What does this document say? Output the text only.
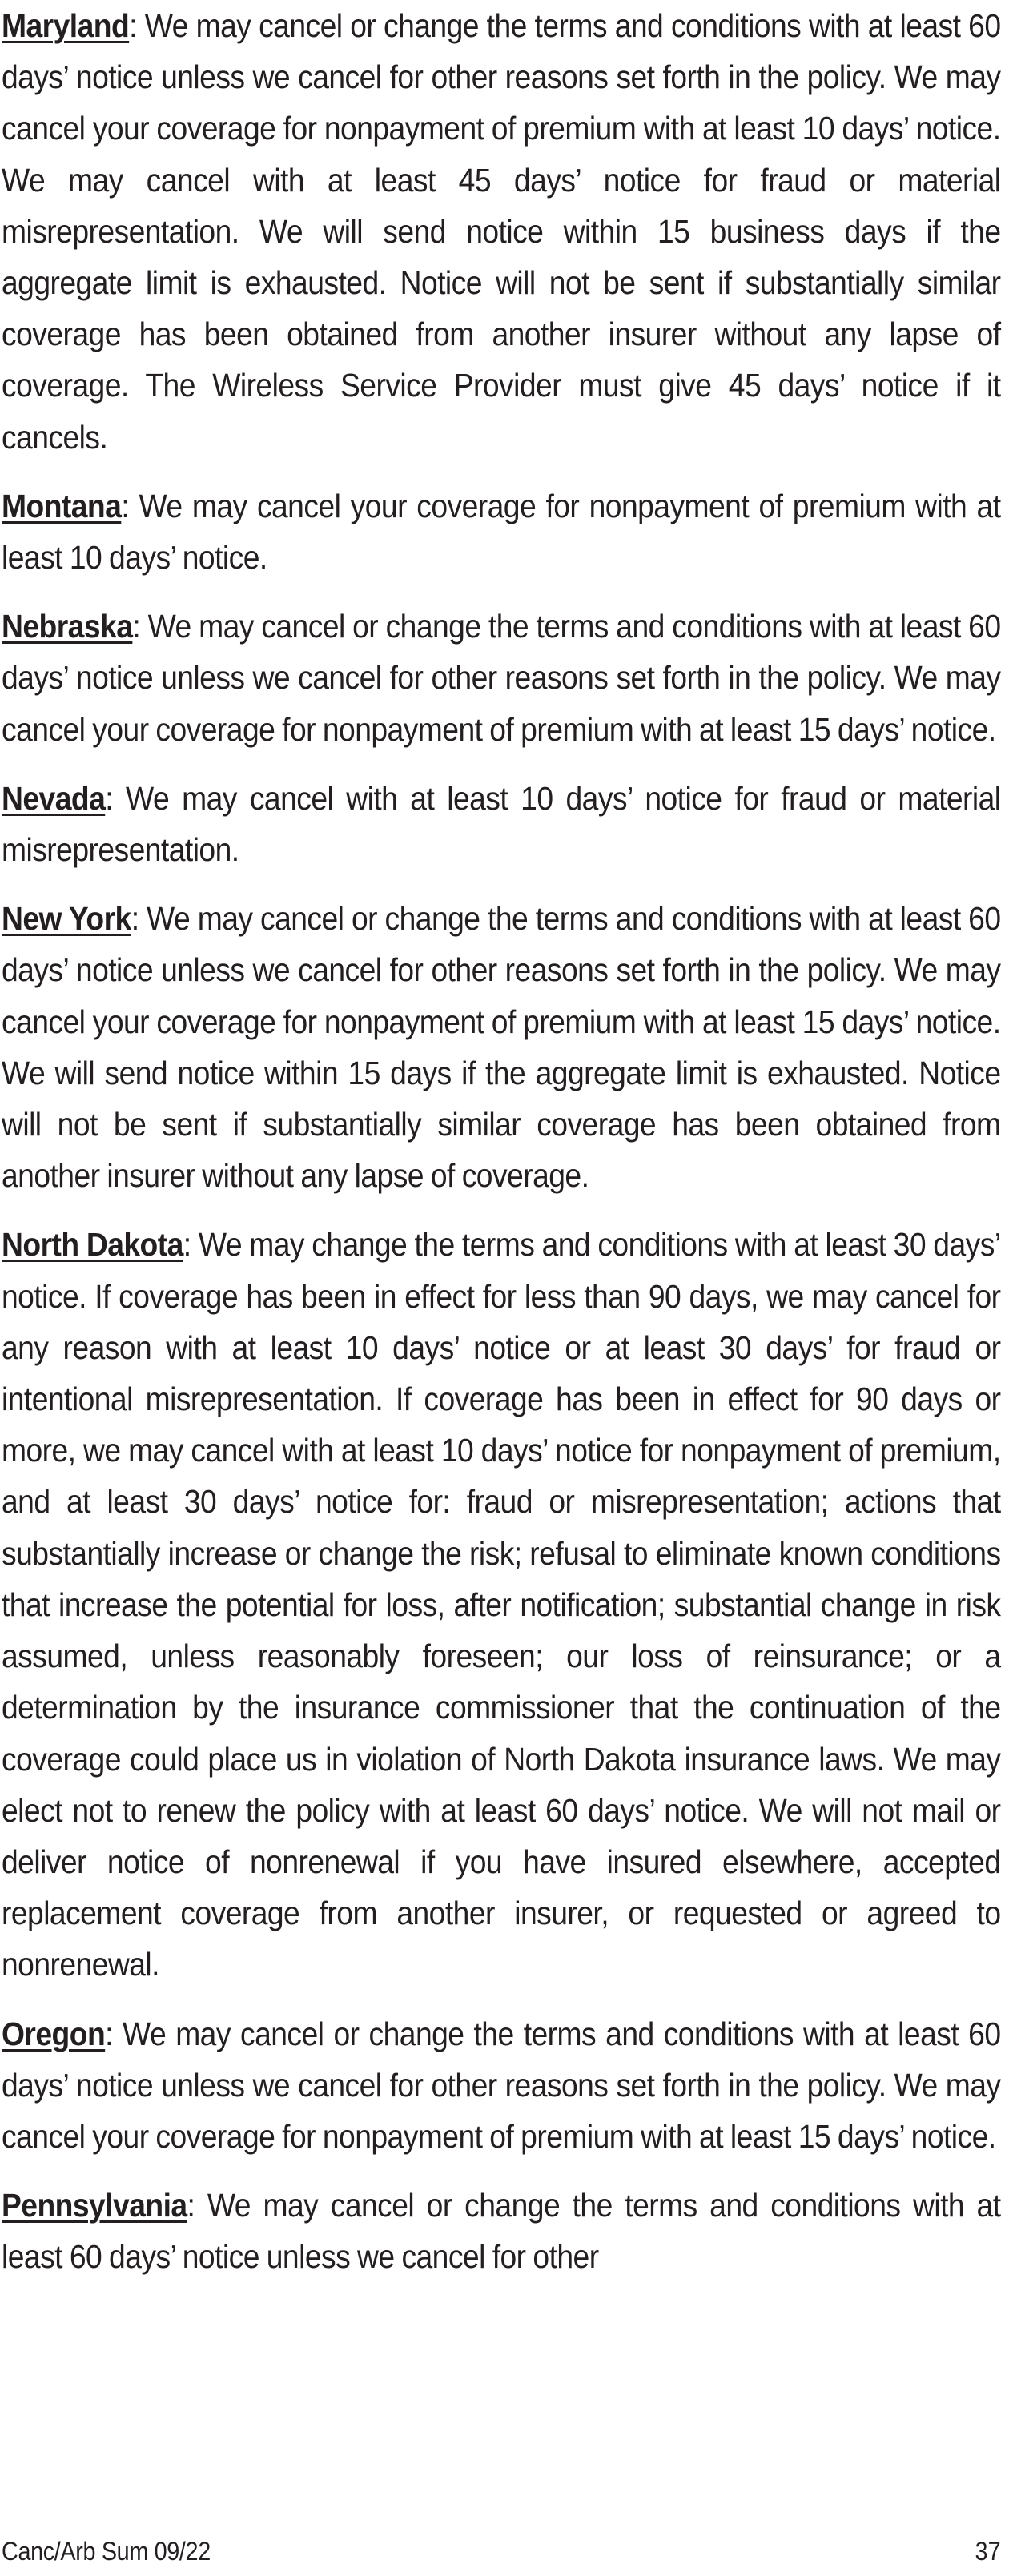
Maryland: We may cancel or change the terms and conditions with at least 60 days’ notice unless we cancel for other reasons set forth in the policy. We may cancel your coverage for nonpayment of premium with at least 10 days’ notice. We may cancel with at least 45 days’ notice for fraud or material misrepresentation. We will send notice within 15 business days if the aggregate limit is exhausted. Notice will not be sent if substantially similar coverage has been obtained from another insurer without any lapse of coverage. The Wireless Service Provider must give 45 days’ notice if it cancels.

Montana: We may cancel your coverage for nonpayment of premium with at least 10 days’ notice.

Nebraska: We may cancel or change the terms and conditions with at least 60 days’ notice unless we cancel for other reasons set forth in the policy. We may cancel your coverage for nonpayment of premium with at least 15 days’ notice.

Nevada: We may cancel with at least 10 days’ notice for fraud or material misrepresentation.

New York: We may cancel or change the terms and conditions with at least 60 days’ notice unless we cancel for other reasons set forth in the policy. We may cancel your coverage for nonpayment of premium with at least 15 days’ notice. We will send notice within 15 days if the aggregate limit is exhausted. Notice will not be sent if substantially similar coverage has been obtained from another insurer without any lapse of coverage.

North Dakota: We may change the terms and conditions with at least 30 days’ notice. If coverage has been in effect for less than 90 days, we may cancel for any reason with at least 10 days’ notice or at least 30 days’ for fraud or intentional misrepresentation. If coverage has been in effect for 90 days or more, we may cancel with at least 10 days’ notice for nonpayment of premium, and at least 30 days’ notice for: fraud or misrepresentation; actions that substantially increase or change the risk; refusal to eliminate known conditions that increase the potential for loss, after notification; substantial change in risk assumed, unless reasonably foreseen; our loss of reinsurance; or a determination by the insurance commissioner that the continuation of the coverage could place us in violation of North Dakota insurance laws. We may elect not to renew the policy with at least 60 days’ notice. We will not mail or deliver notice of nonrenewal if you have insured elsewhere, accepted replacement coverage from another insurer, or requested or agreed to nonrenewal.

Oregon: We may cancel or change the terms and conditions with at least 60 days’ notice unless we cancel for other reasons set forth in the policy. We may cancel your coverage for nonpayment of premium with at least 15 days’ notice.

Pennsylvania: We may cancel or change the terms and conditions with at least 60 days’ notice unless we cancel for other

Canc/Arb Sum 09/22	37
